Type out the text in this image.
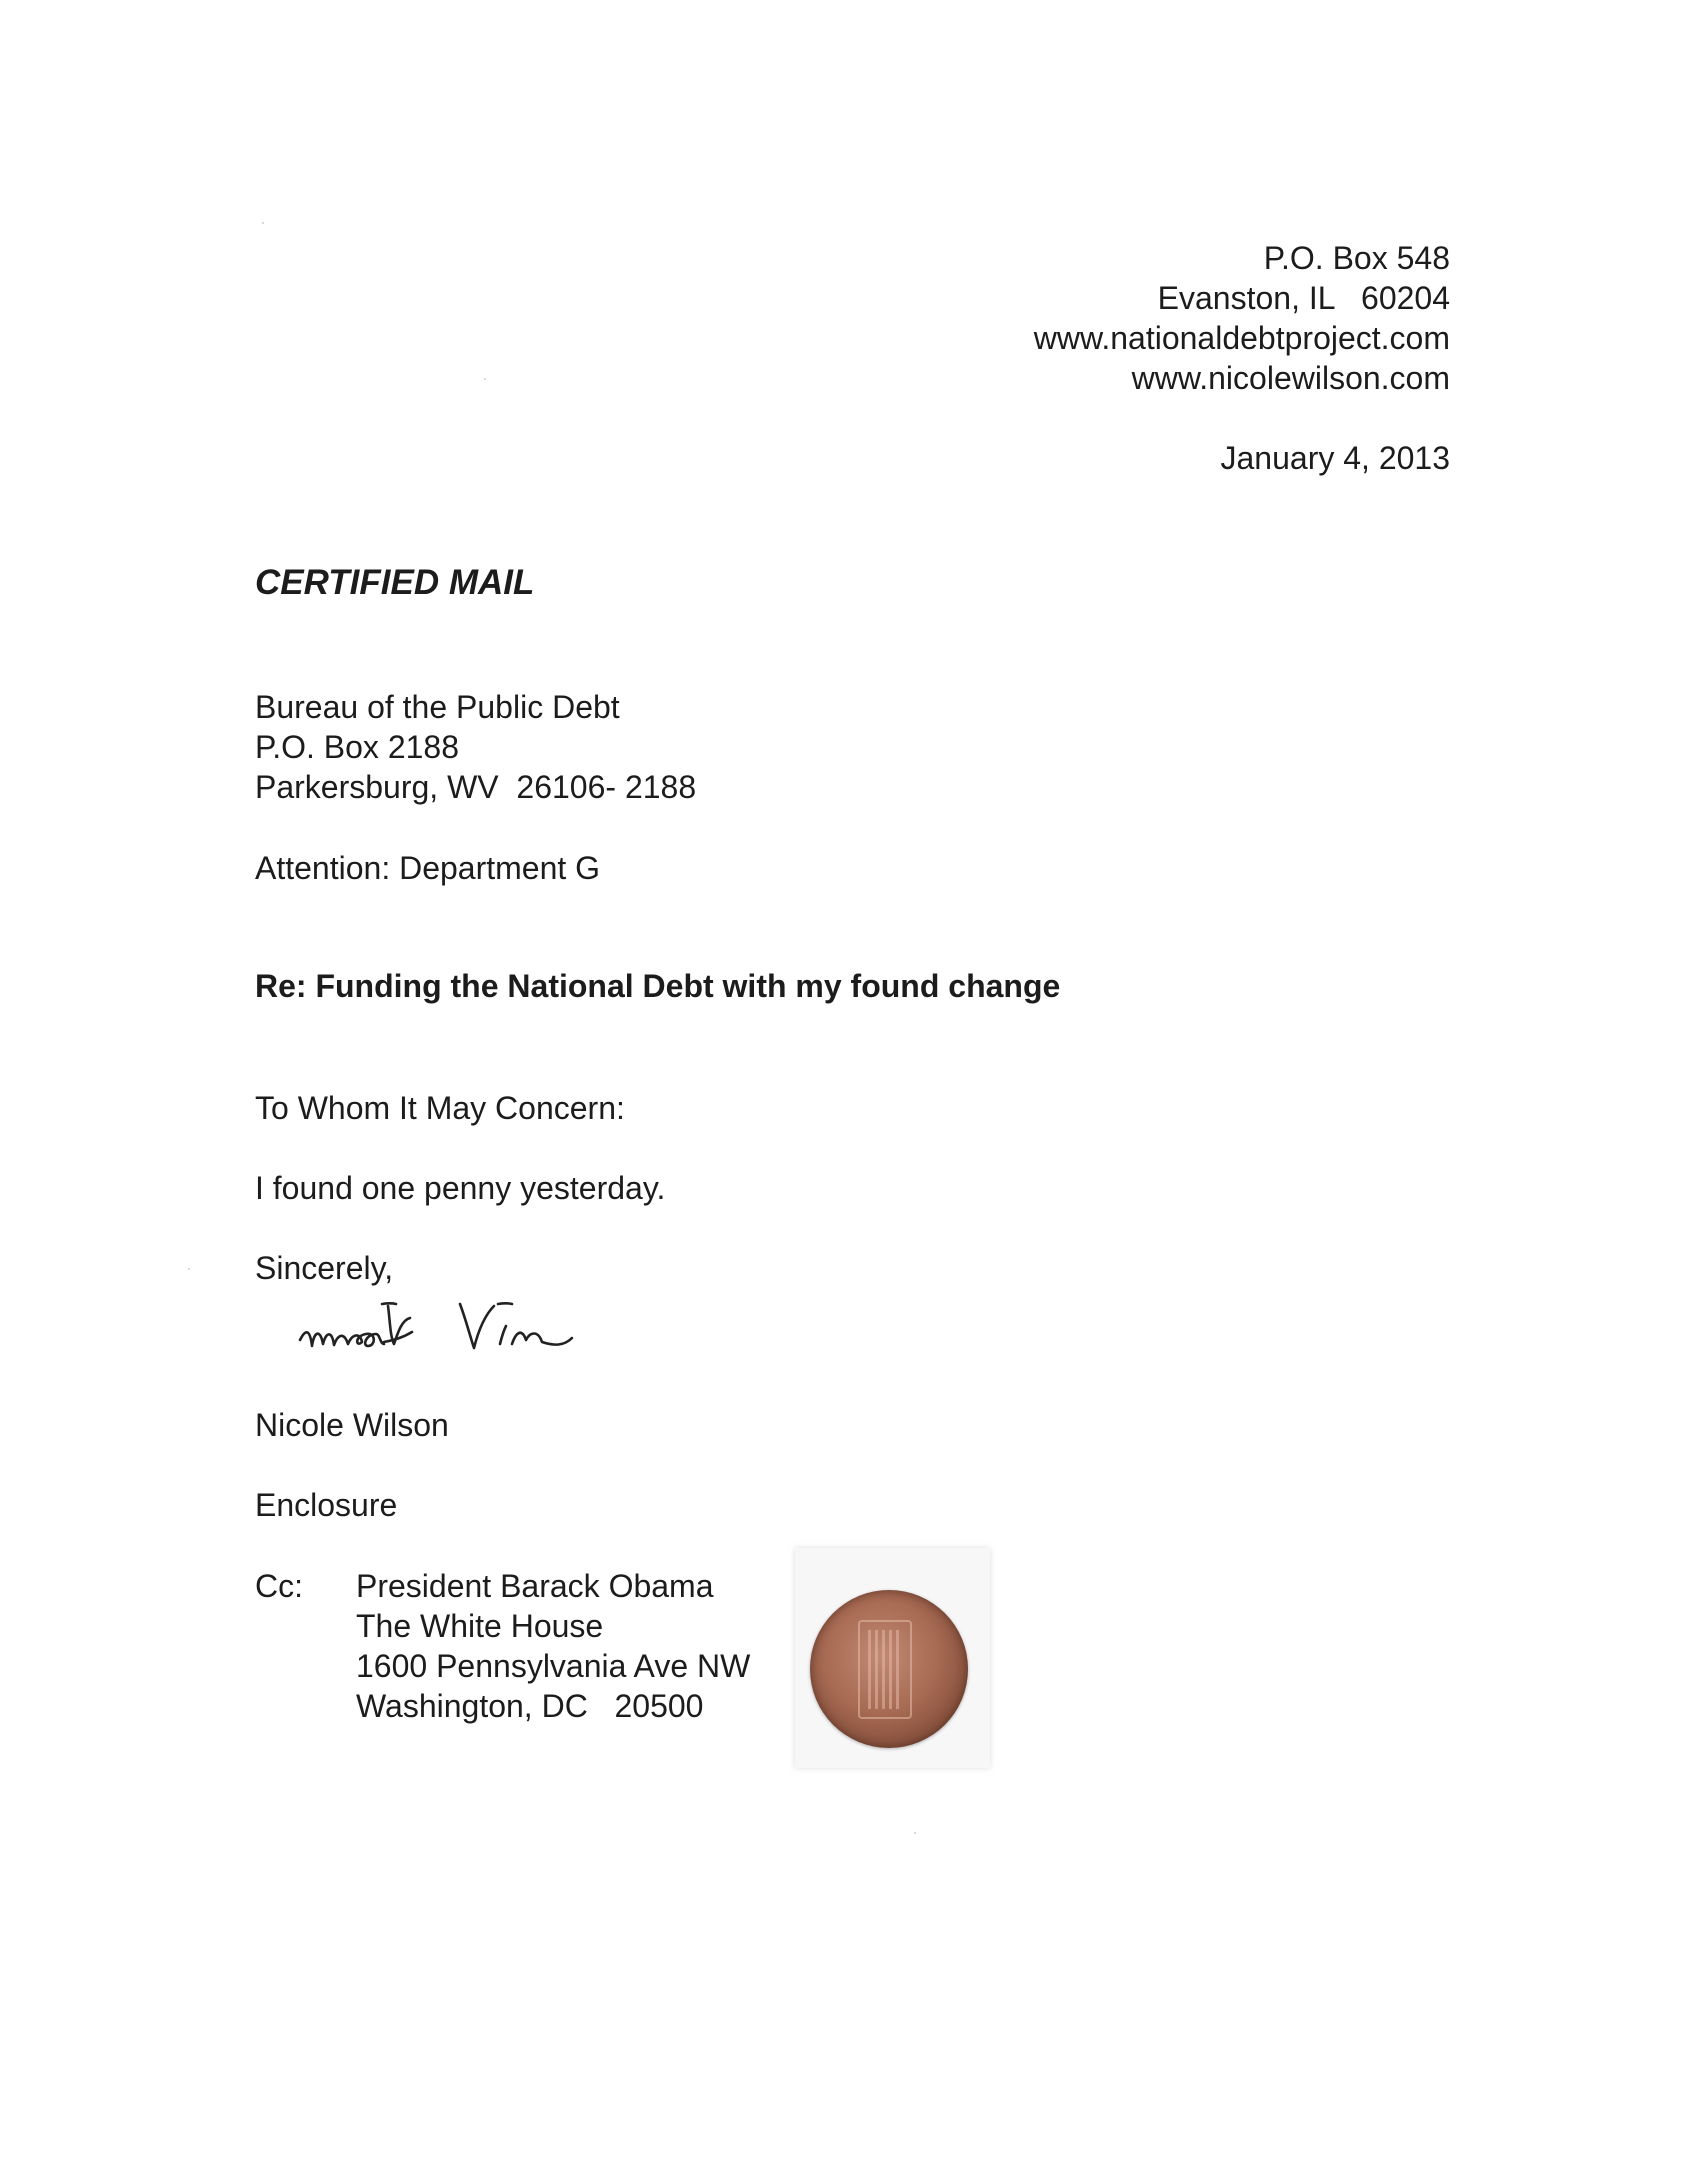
P.O. Box 548
Evanston, IL   60204
www.nationaldebtproject.com
www.nicolewilson.com
January 4, 2013
CERTIFIED MAIL
Bureau of the Public Debt
P.O. Box 2188
Parkersburg, WV  26106- 2188
Attention: Department G
Re: Funding the National Debt with my found change
To Whom It May Concern:
I found one penny yesterday.
Sincerely,
Nicole Wilson
Enclosure
Cc: President Barack Obama
The White House
1600 Pennsylvania Ave NW
Washington, DC   20500
